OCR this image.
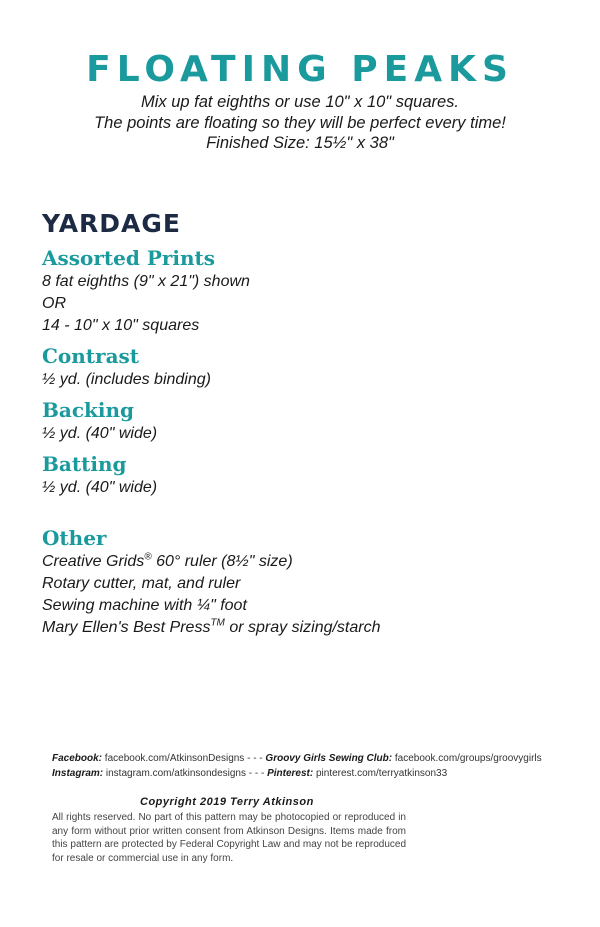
FLOATING PEAKS
Mix up fat eighths or use 10" x 10" squares.
The points are floating so they will be perfect every time!
Finished Size: 15½" x 38"
YARDAGE
Assorted Prints
8 fat eighths (9" x 21") shown
OR
14 - 10" x 10" squares
Contrast
½ yd. (includes binding)
Backing
½ yd. (40" wide)
Batting
½ yd. (40" wide)
Other
Creative Grids® 60° ruler (8½" size)
Rotary cutter, mat, and ruler
Sewing machine with ¼" foot
Mary Ellen's Best Press™ or spray sizing/starch
Facebook: facebook.com/AtkinsonDesigns - - - Groovy Girls Sewing Club: facebook.com/groups/groovygirls
Instagram: instagram.com/atkinsondesigns - - - Pinterest: pinterest.com/terryatkinson33
Copyright 2019 Terry Atkinson
All rights reserved. No part of this pattern may be photocopied or reproduced in any form without prior written consent from Atkinson Designs. Items made from this pattern are protected by Federal Copyright Law and may not be reproduced for resale or commercial use in any form.
